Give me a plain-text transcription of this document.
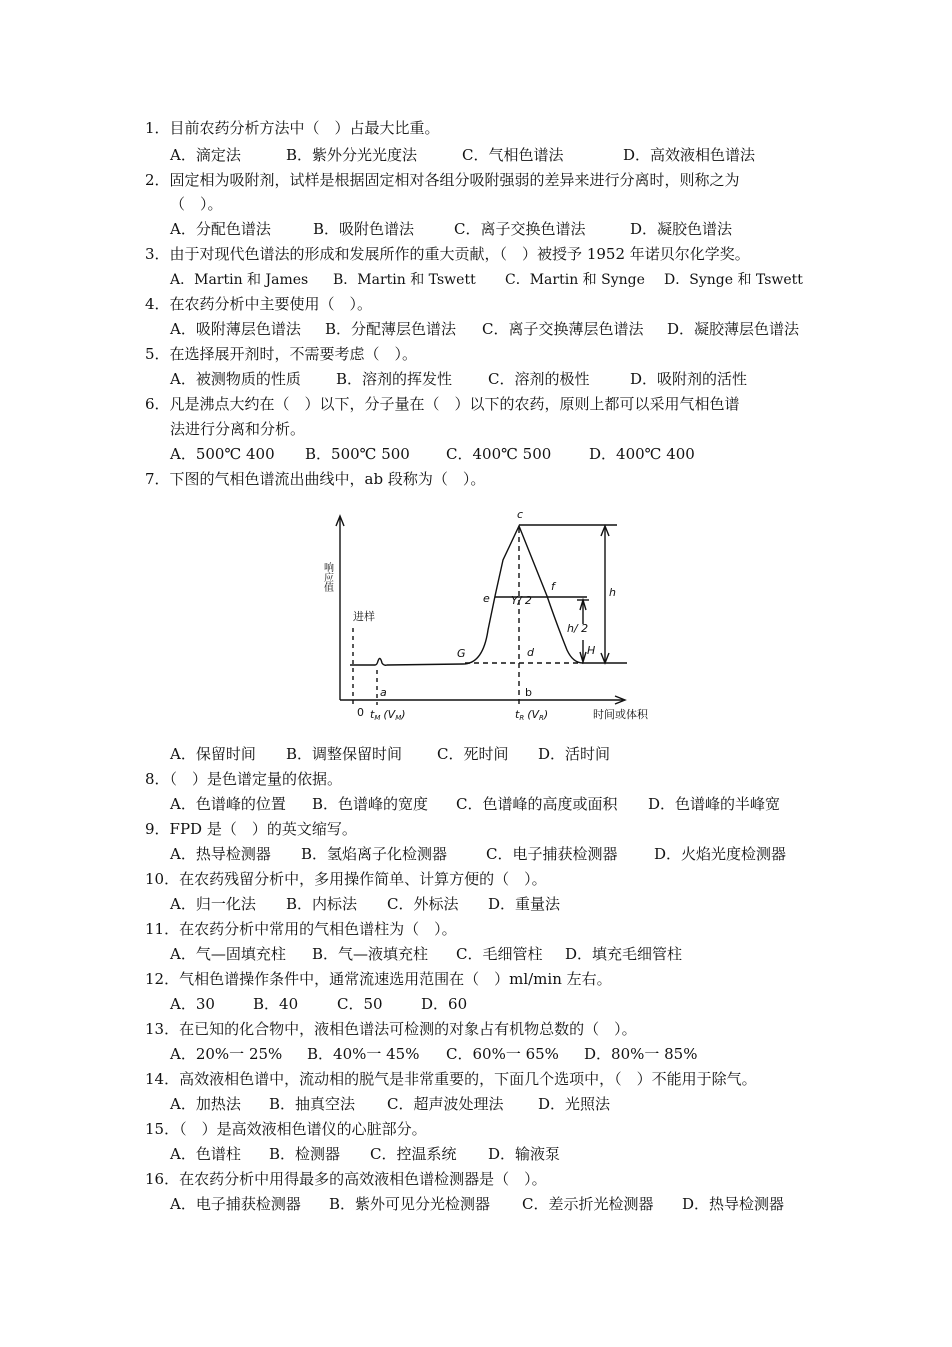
1．目前农药分析方法中（　）占最大比重。
A．滴定法	B．紫外分光光度法	C．气相色谱法	D．高效液相色谱法
2．固定相为吸附剂，试样是根据固定相对各组分吸附强弱的差异来进行分离时，则称之为
（　）。
A．分配色谱法	B．吸附色谱法	C．离子交换色谱法	D．凝胶色谱法
3．由于对现代色谱法的形成和发展所作的重大贡献，（　）被授予 1952 年诺贝尔化学奖。
A．Martin 和 James B．Martin 和 Tswett C．Martin 和 Synge D．Synge 和 Tswett
4．在农药分析中主要使用（　）。
A．吸附薄层色谱法 B．分配薄层色谱法 C．离子交换薄层色谱法 D．凝胶薄层色谱法
5．在选择展开剂时，不需要考虑（　）。
A．被测物质的性质 B．溶剂的挥发性 C．溶剂的极性	D．吸附剂的活性
6．凡是沸点大约在（　）以下，分子量在（　）以下的农药，原则上都可以采用气相色谱
法进行分离和分析。
A．500℃ 400 B．500℃ 500 C．400℃ 500	D．400℃ 400
7．下图的气相色谱流出曲线中，ab 段称为（　）。
响应值
进样
0 tM (VM)	tR (VR)	时间或体积
a	b
c
d
e
f
G
Y/ 2
h/ 2
h
H
A．保留时间 B．调整保留时间 C．死时间 D．活时间
8．（　）是色谱定量的依据。
A．色谱峰的位置 B．色谱峰的宽度 C．色谱峰的高度或面积 D．色谱峰的半峰宽
9．FPD 是（　）的英文缩写。
A．热导检测器 B．氢焰离子化检测器	C．电子捕获检测器 D．火焰光度检测器
10．在农药残留分析中，多用操作简单、计算方便的（　）。
A．归一化法 B．内标法 C．外标法 D．重量法
11．在农药分析中常用的气相色谱柱为（　）。
A．气—固填充柱 B．气—液填充柱 C．毛细管柱 D．填充毛细管柱
12．气相色谱操作条件中，通常流速选用范围在（　）ml/min 左右。
A．30	B．40	C．50	D．60
13．在已知的化合物中，液相色谱法可检测的对象占有机物总数的（　）。
A．20%一 25% B．40%一 45% C．60%一 65% D．80%一 85%
14．高效液相色谱中，流动相的脱气是非常重要的，下面几个选项中，（　）不能用于除气。
A．加热法 B．抽真空法 C．超声波处理法 D．光照法
15．（　）是高效液相色谱仪的心脏部分。
A．色谱柱 B．检测器 C．控温系统 D．输液泵
16．在农药分析中用得最多的高效液相色谱检测器是（　）。
A．电子捕获检测器 B．紫外可见分光检测器 C．差示折光检测器 D．热导检测器
